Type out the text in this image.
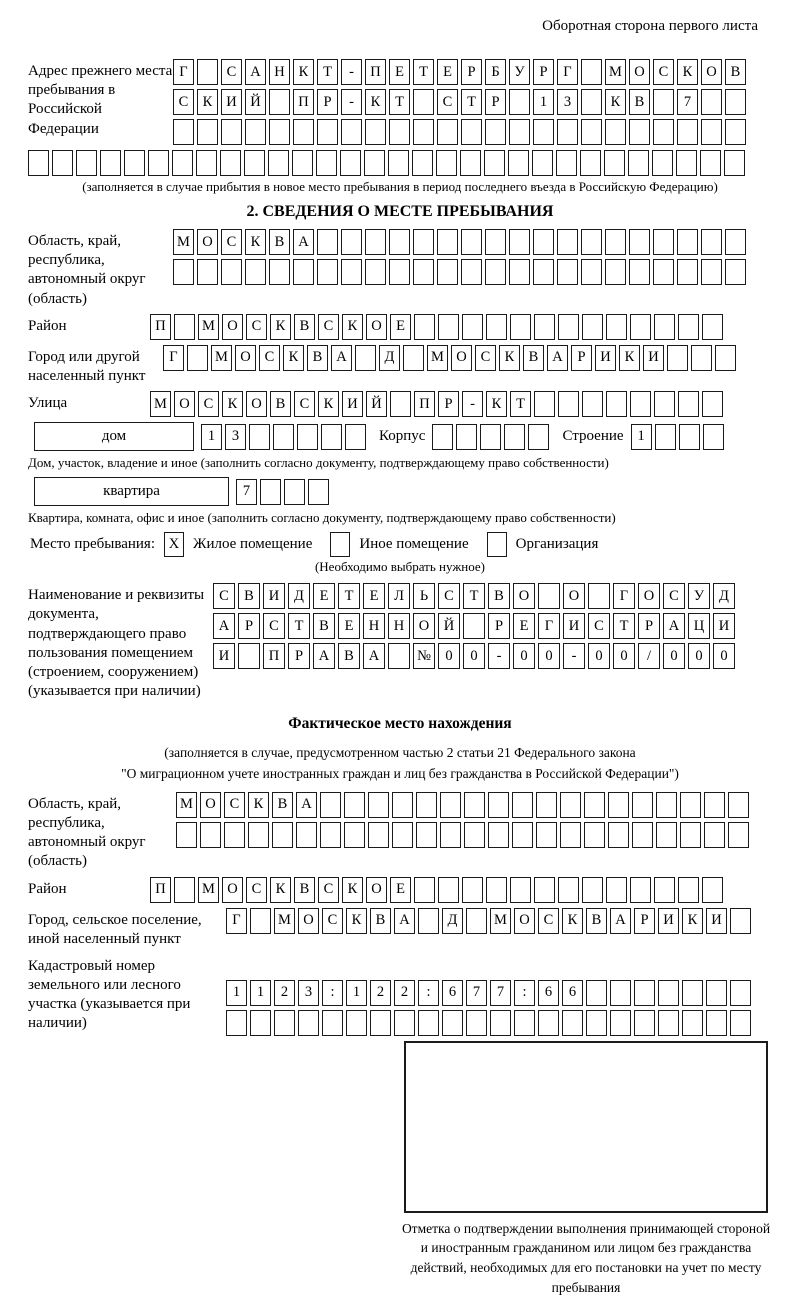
Оборотная сторона первого листа
Адрес прежнего места пребывания в Российской Федерации
Г	С А Н К	Т	-	П Е	Т	Е	Р	Б	У	Р	Г	М О С К О В
С К И Й	П	Р	-	К	Т	С	Т	Р	1	3	К В	7
(заполняется в случае прибытия в новое место пребывания в период последнего въезда в Российскую Федерацию)
2. СВЕДЕНИЯ О МЕСТЕ ПРЕБЫВАНИЯ
Область, край, республика, автономный округ (область)
М О С К В А
Район	П	М О С К В С К О Е
Город или другой населенный пункт
Г	М О С К В А	Д	М О С К В А	Р	И К И
Улица	М О С К О В С К И Й	П	Р	-	К	Т
дом	1	3	Корпус	Строение 1
Дом, участок, владение и иное (заполнить согласно документу, подтверждающему право собственности)
квартира	7
Квартира, комната, офис и иное (заполнить согласно документу, подтверждающему право собственности)
Место пребывания: X Жилое помещение	Иное помещение	Организация
(Необходимо выбрать нужное)
Наименование и реквизиты документа, подтверждающего право пользования помещением (строением, сооружением) (указывается при наличии)
С	В	И	Д	Е	Т	Е	Л	Ь	С	Т	В	О	О	Г	О	С	У	Д
А	Р	С	Т	В	Е	Н	Н	О	Й	Р	Е	Г	И	С	Т	Р	А	Ц	И
И	П	Р	А	В	А	№ 0	0	-	0	0	-	0	0	/	0	0	0
Фактическое место нахождения
(заполняется в случае, предусмотренном частью 2 статьи 21 Федерального закона
"О миграционном учете иностранных граждан и лиц без гражданства в Российской Федерации")
Область, край, республика, автономный округ (область)
М О С К В А
Район	П	М О С К В С К О Е
Город, сельское поселение, иной населенный пункт
Г	М О С К В А	Д	М О С К В А	Р	И К И
Кадастровый номер земельного или лесного участка (указывается при наличии)
1	1	2	3	:	1	2	2	:	6	7	7	:	6	6
Отметка о подтверждении выполнения принимающей стороной и иностранным гражданином или лицом без гражданства действий, необходимых для его постановки на учет по месту пребывания
